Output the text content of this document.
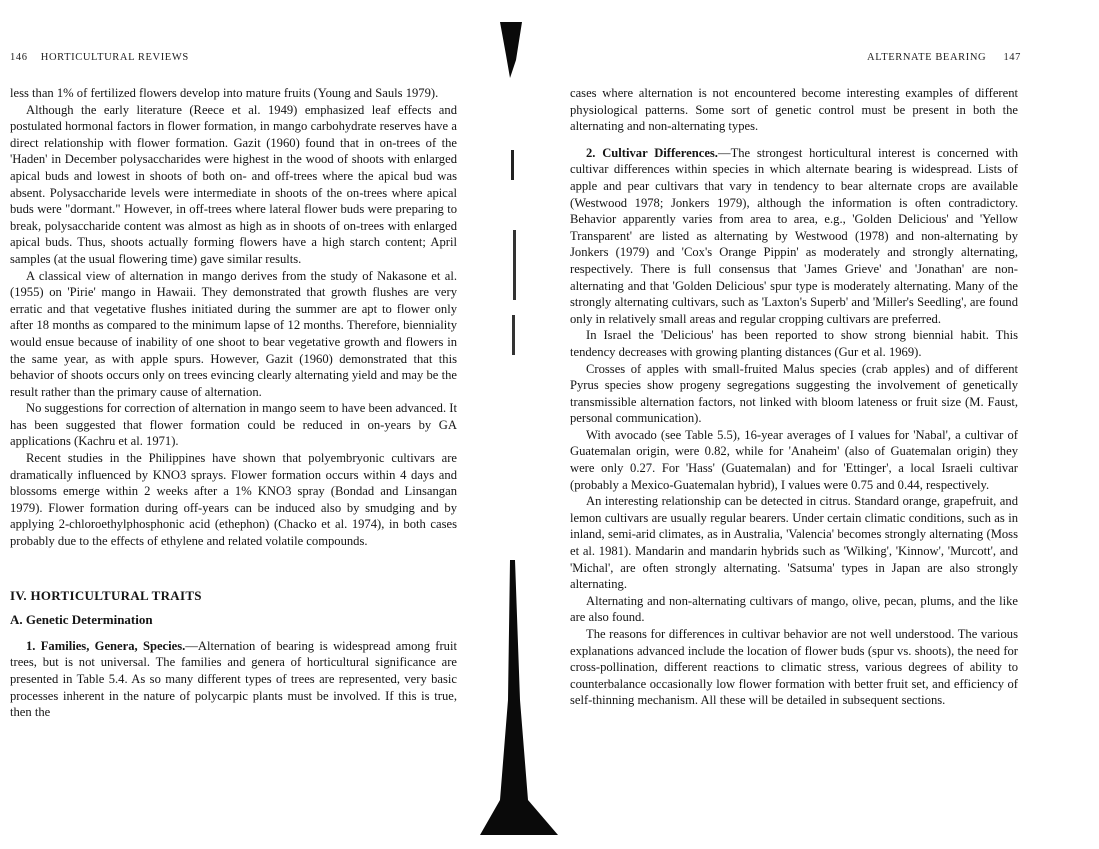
146 HORTICULTURAL REVIEWS

less than 1% of fertilized flowers develop into mature fruits (Young and Sauls 1979).

Although the early literature (Reece et al. 1949) emphasized leaf effects and postulated hormonal factors in flower formation, in mango carbohydrate reserves have a direct relationship with flower formation. Gazit (1960) found that in on-trees of the 'Haden' in December polysaccharides were highest in the wood of shoots with enlarged apical buds and lowest in shoots of both on- and off-trees where the apical bud was absent. Polysaccharide levels were intermediate in shoots of the on-trees where apical buds were "dormant." However, in off-trees where lateral flower buds were preparing to break, polysaccharide content was almost as high as in shoots of on-trees with enlarged apical buds. Thus, shoots actually forming flowers have a high starch content; April samples (at the usual flowering time) gave similar results.

A classical view of alternation in mango derives from the study of Nakasone et al. (1955) on 'Pirie' mango in Hawaii. They demonstrated that growth flushes are very erratic and that vegetative flushes initiated during the summer are apt to flower only after 18 months as compared to the minimum lapse of 12 months. Therefore, bienniality would ensue because of inability of one shoot to bear vegetative growth and flowers in the same year, as with apple spurs. However, Gazit (1960) demonstrated that this behavior of shoots occurs only on trees evincing clearly alternating yield and may be the result rather than the primary cause of alternation.

No suggestions for correction of alternation in mango seem to have been advanced. It has been suggested that flower formation could be reduced in on-years by GA applications (Kachru et al. 1971).

Recent studies in the Philippines have shown that polyembryonic cultivars are dramatically influenced by KNO3 sprays. Flower formation occurs within 4 days and blossoms emerge within 2 weeks after a 1% KNO3 spray (Bondad and Linsangan 1979). Flower formation during off-years can be induced also by smudging and by applying 2-chloroethylphosphonic acid (ethephon) (Chacko et al. 1974), in both cases probably due to the effects of ethylene and related volatile compounds.

IV. HORTICULTURAL TRAITS
A. Genetic Determination

1. Families, Genera, Species.—Alternation of bearing is widespread among fruit trees, but is not universal. The families and genera of horticultural significance are presented in Table 5.4. As so many different types of trees are represented, very basic processes inherent in the nature of polycarpic plants must be involved. If this is true, then the

ALTERNATE BEARING 147

cases where alternation is not encountered become interesting examples of different physiological patterns. Some sort of genetic control must be present in both the alternating and non-alternating types.

2. Cultivar Differences.—The strongest horticultural interest is concerned with cultivar differences within species in which alternate bearing is widespread. Lists of apple and pear cultivars that vary in tendency to bear alternate crops are available (Westwood 1978; Jonkers 1979), although the information is often contradictory. Behavior apparently varies from area to area, e.g., 'Golden Delicious' and 'Yellow Transparent' are listed as alternating by Westwood (1978) and non-alternating by Jonkers (1979) and 'Cox's Orange Pippin' as moderately and strongly alternating, respectively. There is full consensus that 'James Grieve' and 'Jonathan' are non-alternating and that 'Golden Delicious' spur type is moderately alternating. Many of the strongly alternating cultivars, such as 'Laxton's Superb' and 'Miller's Seedling', are found only in relatively small areas and regular cropping cultivars are preferred.

In Israel the 'Delicious' has been reported to show strong biennial habit. This tendency decreases with growing planting distances (Gur et al. 1969).

Crosses of apples with small-fruited Malus species (crab apples) and of different Pyrus species show progeny segregations suggesting the involvement of genetically transmissible alternation factors, not linked with bloom lateness or fruit size (M. Faust, personal communication).

With avocado (see Table 5.5), 16-year averages of I values for 'Nabal', a cultivar of Guatemalan origin, were 0.82, while for 'Anaheim' (also of Guatemalan origin) they were only 0.27. For 'Hass' (Guatemalan) and for 'Ettinger', a local Israeli cultivar (probably a Mexico-Guatemalan hybrid), I values were 0.75 and 0.44, respectively.

An interesting relationship can be detected in citrus. Standard orange, grapefruit, and lemon cultivars are usually regular bearers. Under certain climatic conditions, such as in inland, semi-arid climates, as in Australia, 'Valencia' becomes strongly alternating (Moss et al. 1981). Mandarin and mandarin hybrids such as 'Wilking', 'Kinnow', 'Murcott', and 'Michal', are often strongly alternating. 'Satsuma' types in Japan are also strongly alternating.

Alternating and non-alternating cultivars of mango, olive, pecan, plums, and the like are also found.

The reasons for differences in cultivar behavior are not well understood. The various explanations advanced include the location of flower buds (spur vs. shoots), the need for cross-pollination, different reactions to climatic stress, various degrees of ability to counterbalance occasionally low flower formation with better fruit set, and efficiency of self-thinning mechanism. All these will be detailed in subsequent sections.
